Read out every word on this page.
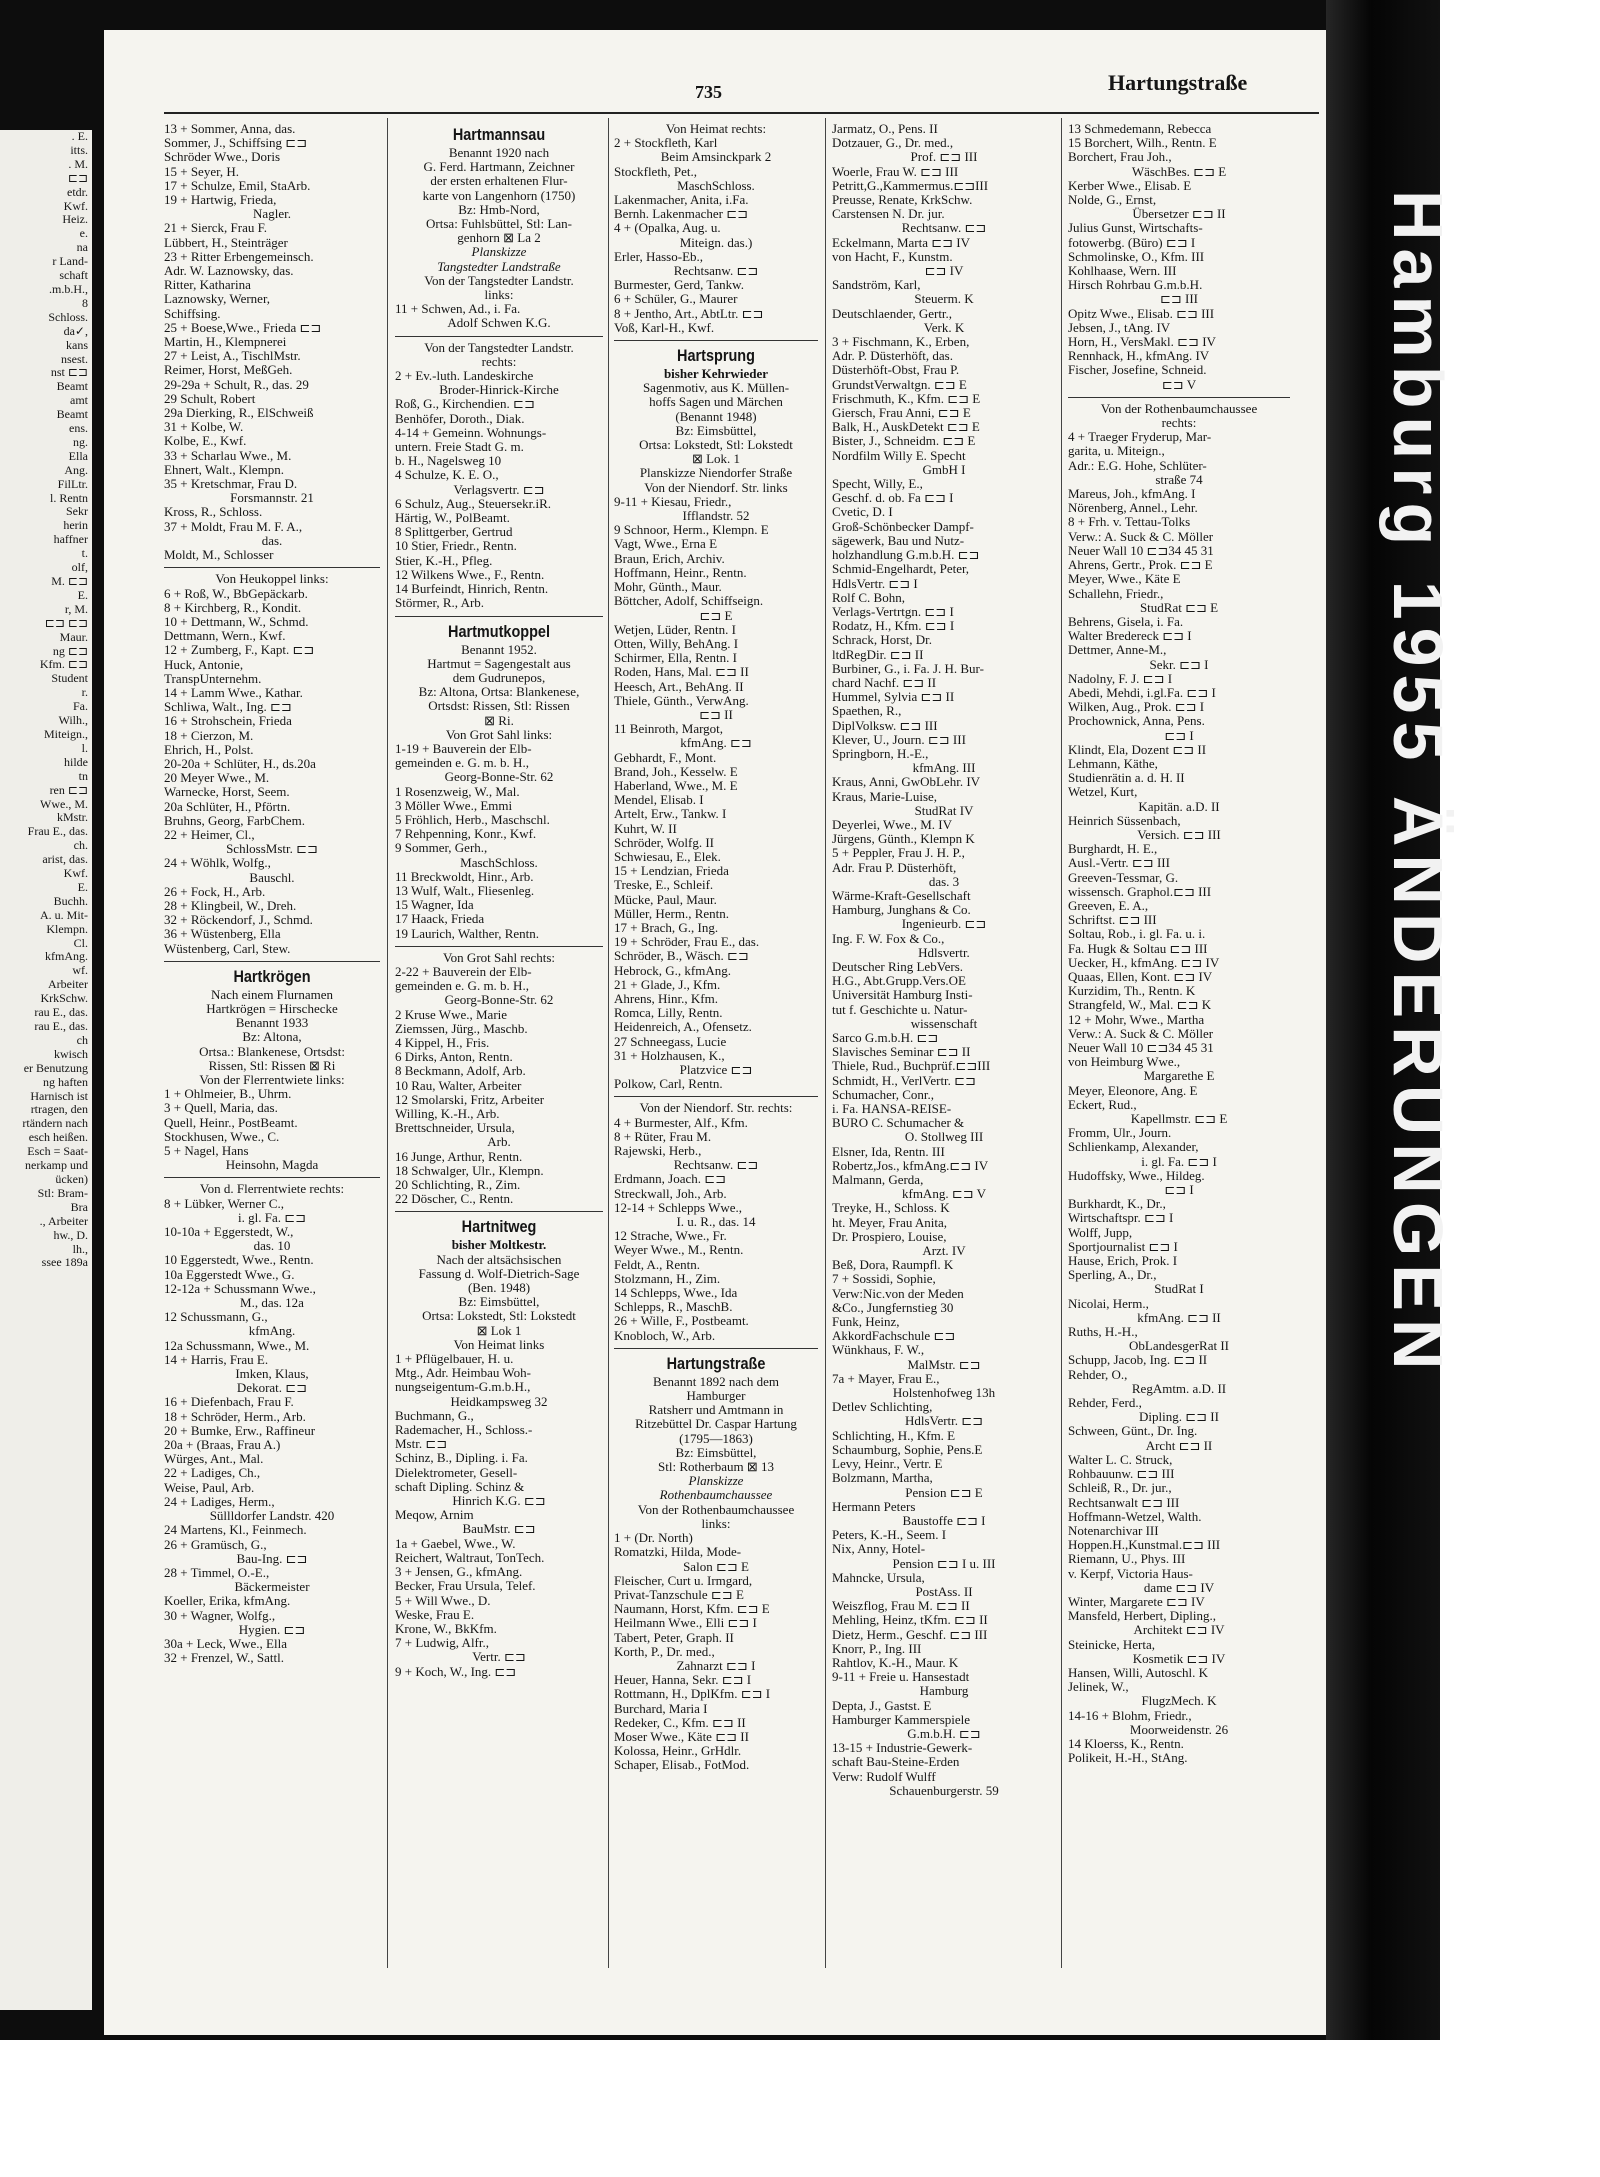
. E.
itts.
. M.
⊏⊐
etdr.
Kwf.
Heiz.
e.
na
r Land-
schaft
.m.b.H.,
8
Schloss.
da✓,
kans
nsest.
nst ⊏⊐
Beamt
amt
Beamt
ens.
ng.
Ella
Ang.
FilLtr.
l. Rentn
Sekr
herin
haffner
t.
olf,
M. ⊏⊐
E.
r, M.
⊏⊐ ⊏⊐
Maur.
ng ⊏⊐
Kfm. ⊏⊐
Student
r.
Fa.
Wilh.,
Miteign.,
l.
hilde
tn
ren ⊏⊐
Wwe., M.
kMstr.
Frau E., das.
ch.
arist, das.
Kwf.
E.
Buchh.
A. u. Mit-
Klempn.
Cl.
kfmAng.
wf.
Arbeiter
KrkSchw.
rau E., das.
rau E., das.
ch
kwisch
er Benutzung
ng haften
Harnisch ist
rtragen, den
rtändern nach
esch heißen.
Esch = Saat-
nerkamp und
ücken)
Stl: Bram-
Bra
., Arbeiter
hw., D.
lh.,
ssee 189a	Hamburg 1955 ÄNDERUNGEN
735	Hartungstraße
13 + Sommer, Anna, das.
Sommer, J., Schiffsing ⊏⊐
Schröder Wwe., Doris
15 + Seyer, H.
17 + Schulze, Emil, StaArb.
19 + Hartwig, Frieda,
Nagler.
21 + Sierck, Frau F.
Lübbert, H., Steinträger
23 + Ritter Erbengemeinsch.
Adr. W. Laznowsky, das.
Ritter, Katharina
Laznowsky, Werner,
Schiffsing.
25 + Boese,Wwe., Frieda ⊏⊐
Martin, H., Klempnerei
27 + Leist, A., TischlMstr.
Reimer, Horst, MeßGeh.
29-29a + Schult, R., das. 29
29 Schult, Robert
29a Dierking, R., ElSchweiß
31 + Kolbe, W.
Kolbe, E., Kwf.
33 + Scharlau Wwe., M.
Ehnert, Walt., Klempn.
35 + Kretschmar, Frau D.
Forsmannstr. 21
Kross, R., Schloss.
37 + Moldt, Frau M. F. A.,
das.
Moldt, M., Schlosser
Von Heukoppel links:
6 + Roß, W., BbGepäckarb.
8 + Kirchberg, R., Kondit.
10 + Dettmann, W., Schmd.
Dettmann, Wern., Kwf.
12 + Zumberg, F., Kapt. ⊏⊐
Huck, Antonie,
TranspUnternehm.
14 + Lamm Wwe., Kathar.
Schliwa, Walt., Ing. ⊏⊐
16 + Strohschein, Frieda
18 + Cierzon, M.
Ehrich, H., Polst.
20-20a + Schlüter, H., ds.20a
20 Meyer Wwe., M.
Warnecke, Horst, Seem.
20a Schlüter, H., Pförtn.
Bruhns, Georg, FarbChem.
22 + Heimer, Cl.,
SchlossMstr. ⊏⊐
24 + Wöhlk, Wolfg.,
Bauschl.
26 + Fock, H., Arb.
28 + Klingbeil, W., Dreh.
32 + Röckendorf, J., Schmd.
36 + Wüstenberg, Ella
Wüstenberg, Carl, Stew.
Hartkrögen
Nach einem Flurnamen
Hartkrögen = Hirschecke
Benannt 1933
Bz: Altona,
Ortsa.: Blankenese, Ortsdst:
Rissen, Stl: Rissen ⊠ Ri
Von der Flerrentwiete links:
1 + Ohlmeier, B., Uhrm.
3 + Quell, Maria, das.
Quell, Heinr., PostBeamt.
Stockhusen, Wwe., C.
5 + Nagel, Hans
Heinsohn, Magda
Von d. Flerrentwiete rechts:
8 + Lübker, Werner C.,
i. gl. Fa. ⊏⊐
10-10a + Eggerstedt, W.,
das. 10
10 Eggerstedt, Wwe., Rentn.
10a Eggerstedt Wwe., G.
12-12a + Schussmann Wwe.,
M., das. 12a
12 Schussmann, G.,
kfmAng.
12a Schussmann, Wwe., M.
14 + Harris, Frau E.
Imken, Klaus,
Dekorat. ⊏⊐
16 + Diefenbach, Frau F.
18 + Schröder, Herm., Arb.
20 + Bumke, Erw., Raffineur
20a + (Braas, Frau A.)
Würges, Ant., Mal.
22 + Ladiges, Ch.,
Weise, Paul, Arb.
24 + Ladiges, Herm.,
Süllldorfer Landstr. 420
24 Martens, Kl., Feinmech.
26 + Gramüsch, G.,
Bau-Ing. ⊏⊐
28 + Timmel, O.-E.,
Bäckermeister
Koeller, Erika, kfmAng.
30 + Wagner, Wolfg.,
Hygien. ⊏⊐
30a + Leck, Wwe., Ella
32 + Frenzel, W., Sattl.
Hartmannsau
Benannt 1920 nach
G. Ferd. Hartmann, Zeichner
der ersten erhaltenen Flur-
karte von Langenhorn (1750)
Bz: Hmb-Nord,
Ortsa: Fuhlsbüttel, Stl: Lan-
genhorn ⊠ La 2
Planskizze
Tangstedter Landstraße
Von der Tangstedter Landstr.
links:
11 + Schwen, Ad., i. Fa.
Adolf Schwen K.G.
Von der Tangstedter Landstr.
rechts:
2 + Ev.-luth. Landeskirche
Broder-Hinrick-Kirche
Roß, G., Kirchendien. ⊏⊐
Benhöfer, Doroth., Diak.
4-14 + Gemeinn. Wohnungs-
untern. Freie Stadt G. m.
b. H., Nagelsweg 10
4 Schulze, K. E. O.,
Verlagsvertr. ⊏⊐
6 Schulz, Aug., Steuersekr.iR.
Härtig, W., PolBeamt.
8 Splittgerber, Gertrud
10 Stier, Friedr., Rentn.
Stier, K.-H., Pfleg.
12 Wilkens Wwe., F., Rentn.
14 Burfeindt, Hinrich, Rentn.
Störmer, R., Arb.
Hartmutkoppel
Benannt 1952.
Hartmut = Sagengestalt aus
dem Gudrunepos,
Bz: Altona, Ortsa: Blankenese,
Ortsdst: Rissen, Stl: Rissen
⊠ Ri.
Von Grot Sahl links:
1-19 + Bauverein der Elb-
gemeinden e. G. m. b. H.,
Georg-Bonne-Str. 62
1 Rosenzweig, W., Mal.
3 Möller Wwe., Emmi
5 Fröhlich, Herb., Maschschl.
7 Rehpenning, Konr., Kwf.
9 Sommer, Gerh.,
MaschSchloss.
11 Breckwoldt, Hinr., Arb.
13 Wulf, Walt., Fliesenleg.
15 Wagner, Ida
17 Haack, Frieda
19 Laurich, Walther, Rentn.
Von Grot Sahl rechts:
2-22 + Bauverein der Elb-
gemeinden e. G. m. b. H.,
Georg-Bonne-Str. 62
2 Kruse Wwe., Marie
Ziemssen, Jürg., Maschb.
4 Kippel, H., Fris.
6 Dirks, Anton, Rentn.
8 Beckmann, Adolf, Arb.
10 Rau, Walter, Arbeiter
12 Smolarski, Fritz, Arbeiter
Willing, K.-H., Arb.
Brettschneider, Ursula,
Arb.
16 Junge, Arthur, Rentn.
18 Schwalger, Ulr., Klempn.
20 Schlichting, R., Zim.
22 Döscher, C., Rentn.
Hartnitweg
bisher Moltkestr.
Nach der altsächsischen
Fassung d. Wolf-Dietrich-Sage
(Ben. 1948)
Bz: Eimsbüttel,
Ortsa: Lokstedt, Stl: Lokstedt
⊠ Lok 1
Von Heimat links
1 + Pflügelbauer, H. u.
Mtg., Adr. Heimbau Woh-
nungseigentum-G.m.b.H.,
Heidkampsweg 32
Buchmann, G.,
Rademacher, H., Schloss.-
Mstr. ⊏⊐
Schinz, B., Dipling. i. Fa.
Dielektrometer, Gesell-
schaft Dipling. Schinz &
Hinrich K.G. ⊏⊐
Meqow, Arnim
BauMstr. ⊏⊐
1a + Gaebel, Wwe., W.
Reichert, Waltraut, TonTech.
3 + Jensen, G., kfmAng.
Becker, Frau Ursula, Telef.
5 + Will Wwe., D.
Weske, Frau E.
Krone, W., BkKfm.
7 + Ludwig, Alfr.,
Vertr. ⊏⊐
9 + Koch, W., Ing. ⊏⊐
Von Heimat rechts:
2 + Stockfleth, Karl
Beim Amsinckpark 2
Stockfleth, Pet.,
MaschSchloss.
Lakenmacher, Anita, i.Fa.
Bernh. Lakenmacher ⊏⊐
4 + (Opalka, Aug. u.
Miteign. das.)
Erler, Hasso-Eb.,
Rechtsanw. ⊏⊐
Burmester, Gerd, Tankw.
6 + Schüler, G., Maurer
8 + Jentho, Art., AbtLtr. ⊏⊐
Voß, Karl-H., Kwf.
Hartsprung
bisher Kehrwieder
Sagenmotiv, aus K. Müllen-
hoffs Sagen und Märchen
(Benannt 1948)
Bz: Eimsbüttel,
Ortsa: Lokstedt, Stl: Lokstedt
⊠ Lok. 1
Planskizze Niendorfer Straße
Von der Niendorf. Str. links
9-11 + Kiesau, Friedr.,
Ifflandstr. 52
9 Schnoor, Herm., Klempn. E
Vagt, Wwe., Erna E
Braun, Erich, Archiv.
Hoffmann, Heinr., Rentn.
Mohr, Günth., Maur.
Böttcher, Adolf, Schiffseign.
⊏⊐ E
Wetjen, Lüder, Rentn. I
Otten, Willy, BehAng. I
Schirmer, Ella, Rentn. I
Roden, Hans, Mal. ⊏⊐ II
Heesch, Art., BehAng. II
Thiele, Günth., VerwAng.
⊏⊐ II
11 Beinroth, Margot,
kfmAng. ⊏⊐
Gebhardt, F., Mont.
Brand, Joh., Kesselw. E
Haberland, Wwe., M. E
Mendel, Elisab. I
Artelt, Erw., Tankw. I
Kuhrt, W. II
Schröder, Wolfg. II
Schwiesau, E., Elek.
15 + Lendzian, Frieda
Treske, E., Schleif.
Mücke, Paul, Maur.
Müller, Herm., Rentn.
17 + Brach, G., Ing.
19 + Schröder, Frau E., das.
Schröder, B., Wäsch. ⊏⊐
Hebrock, G., kfmAng.
21 + Glade, J., Kfm.
Ahrens, Hinr., Kfm.
Romca, Lilly, Rentn.
Heidenreich, A., Ofensetz.
27 Schneegass, Lucie
31 + Holzhausen, K.,
Platzvice ⊏⊐
Polkow, Carl, Rentn.
Von der Niendorf. Str. rechts:
4 + Burmester, Alf., Kfm.
8 + Rüter, Frau M.
Rajewski, Herb.,
Rechtsanw. ⊏⊐
Erdmann, Joach. ⊏⊐
Streckwall, Joh., Arb.
12-14 + Schlepps Wwe.,
I. u. R., das. 14
12 Strache, Wwe., Fr.
Weyer Wwe., M., Rentn.
Feldt, A., Rentn.
Stolzmann, H., Zim.
14 Schlepps, Wwe., Ida
Schlepps, R., MaschB.
26 + Wille, F., Postbeamt.
Knobloch, W., Arb.
Hartungstraße
Benannt 1892 nach dem
Hamburger
Ratsherr und Amtmann in
Ritzebüttel Dr. Caspar Hartung
(1795—1863)
Bz: Eimsbüttel,
Stl: Rotherbaum ⊠ 13
Planskizze
Rothenbaumchaussee
Von der Rothenbaumchaussee
links:
1 + (Dr. North)
Romatzki, Hilda, Mode-
Salon ⊏⊐ E
Fleischer, Curt u. Irmgard,
Privat-Tanzschule ⊏⊐ E
Naumann, Horst, Kfm. ⊏⊐ E
Heilmann Wwe., Elli ⊏⊐ I
Tabert, Peter, Graph. II
Korth, P., Dr. med.,
Zahnarzt ⊏⊐ I
Heuer, Hanna, Sekr. ⊏⊐ I
Rottmann, H., DplKfm. ⊏⊐ I
Burchard, Maria I
Redeker, C., Kfm. ⊏⊐ II
Moser Wwe., Käte ⊏⊐ II
Kolossa, Heinr., GrHdlr.
Schaper, Elisab., FotMod.
Jarmatz, O., Pens. II
Dotzauer, G., Dr. med.,
Prof. ⊏⊐ III
Woerle, Frau W. ⊏⊐ III
Petritt,G.,Kammermus.⊏⊐III
Preusse, Renate, KrkSchw.
Carstensen N. Dr. jur.
Rechtsanw. ⊏⊐
Eckelmann, Marta ⊏⊐ IV
von Hacht, F., Kunstm.
⊏⊐ IV
Sandström, Karl,
Steuerm. K
Deutschlaender, Gertr.,
Verk. K
3 + Fischmann, K., Erben,
Adr. P. Düsterhöft, das.
Düsterhöft-Obst, Frau P.
GrundstVerwaltgn. ⊏⊐ E
Frischmuth, K., Kfm. ⊏⊐ E
Giersch, Frau Anni, ⊏⊐ E
Balk, H., AuskDetekt ⊏⊐ E
Bister, J., Schneidm. ⊏⊐ E
Nordfilm Willy E. Specht
GmbH I
Specht, Willy, E.,
Geschf. d. ob. Fa ⊏⊐ I
Cvetic, D. I
Groß-Schönbecker Dampf-
sägewerk, Bau und Nutz-
holzhandlung G.m.b.H. ⊏⊐
Schmid-Engelhardt, Peter,
HdlsVertr. ⊏⊐ I
Rolf C. Bohn,
Verlags-Vertrtgn. ⊏⊐ I
Rodatz, H., Kfm. ⊏⊐ I
Schrack, Horst, Dr.
ltdRegDir. ⊏⊐ II
Burbiner, G., i. Fa. J. H. Bur-
chard Nachf. ⊏⊐ II
Hummel, Sylvia ⊏⊐ II
Spaethen, R.,
DiplVolksw. ⊏⊐ III
Klever, U., Journ. ⊏⊐ III
Springborn, H.-E.,
kfmAng. III
Kraus, Anni, GwObLehr. IV
Kraus, Marie-Luise,
StudRat IV
Deyerlei, Wwe., M. IV
Jürgens, Günth., Klempn K
5 + Peppler, Frau J. H. P.,
Adr. Frau P. Düsterhöft,
das. 3
Wärme-Kraft-Gesellschaft
Hamburg, Junghans & Co.
Ingenieurb. ⊏⊐
Ing. F. W. Fox & Co.,
Hdlsvertr.
Deutscher Ring LebVers.
H.G., Abt.Grupp.Vers.OE
Universität Hamburg Insti-
tut f. Geschichte u. Natur-
wissenschaft
Sarco G.m.b.H. ⊏⊐
Slavisches Seminar ⊏⊐ II
Thiele, Rud., Buchprüf.⊏⊐III
Schmidt, H., VerlVertr. ⊏⊐
Schumacher, Conr.,
i. Fa. HANSA-REISE-
BURO C. Schumacher &
O. Stollweg III
Elsner, Ida, Rentn. III
Robertz,Jos., kfmAng.⊏⊐ IV
Malmann, Gerda,
kfmAng. ⊏⊐ V
Treyke, H., Schloss. K
ht. Meyer, Frau Anita,
Dr. Prospiero, Louise,
Arzt. IV
Beß, Dora, Raumpfl. K
7 + Sossidi, Sophie,
Verw:Nic.von der Meden
&Co., Jungfernstieg 30
Funk, Heinz,
AkkordFachschule ⊏⊐
Wünkhaus, F. W.,
MalMstr. ⊏⊐
7a + Mayer, Frau E.,
Holstenhofweg 13h
Detlev Schlichting,
HdlsVertr. ⊏⊐
Schlichting, H., Kfm. E
Schaumburg, Sophie, Pens.E
Levy, Heinr., Vertr. E
Bolzmann, Martha,
Pension ⊏⊐ E
Hermann Peters
Baustoffe ⊏⊐ I
Peters, K.-H., Seem. I
Nix, Anny, Hotel-
Pension ⊏⊐ I u. III
Mahncke, Ursula,
PostAss. II
Weiszflog, Frau M. ⊏⊐ II
Mehling, Heinz, tKfm. ⊏⊐ II
Dietz, Herm., Geschf. ⊏⊐ III
Knorr, P., Ing. III
Rahtlov, K.-H., Maur. K
9-11 + Freie u. Hansestadt
Hamburg
Depta, J., Gastst. E
Hamburger Kammerspiele
G.m.b.H. ⊏⊐
13-15 + Industrie-Gewerk-
schaft Bau-Steine-Erden
Verw: Rudolf Wulff
Schauenburgerstr. 59
13 Schmedemann, Rebecca
15 Borchert, Wilh., Rentn. E
Borchert, Frau Joh.,
WäschBes. ⊏⊐ E
Kerber Wwe., Elisab. E
Nolde, G., Ernst,
Übersetzer ⊏⊐ II
Julius Gunst, Wirtschafts-
fotowerbg. (Büro) ⊏⊐ I
Schmolinske, O., Kfm. III
Kohlhaase, Wern. III
Hirsch Rohrbau G.m.b.H.
⊏⊐ III
Opitz Wwe., Elisab. ⊏⊐ III
Jebsen, J., tAng. IV
Horn, H., VersMakl. ⊏⊐ IV
Rennhack, H., kfmAng. IV
Fischer, Josefine, Schneid.
⊏⊐ V
Von der Rothenbaumchaussee
rechts:
4 + Traeger Fryderup, Mar-
garita, u. Miteign.,
Adr.: E.G. Hohe, Schlüter-
straße 74
Mareus, Joh., kfmAng. I
Nörenberg, Annel., Lehr.
8 + Frh. v. Tettau-Tolks
Verw.: A. Suck & C. Möller
Neuer Wall 10 ⊏⊐34 45 31
Ahrens, Gertr., Prok. ⊏⊐ E
Meyer, Wwe., Käte E
Schallehn, Friedr.,
StudRat ⊏⊐ E
Behrens, Gisela, i. Fa.
Walter Bredereck ⊏⊐ I
Dettmer, Anne-M.,
Sekr. ⊏⊐ I
Nadolny, F. J. ⊏⊐ I
Abedi, Mehdi, i.gl.Fa. ⊏⊐ I
Wilken, Aug., Prok. ⊏⊐ I
Prochownick, Anna, Pens.
⊏⊐ I
Klindt, Ela, Dozent ⊏⊐ II
Lehmann, Käthe,
Studienrätin a. d. H. II
Wetzel, Kurt,
Kapitän. a.D. II
Heinrich Süssenbach,
Versich. ⊏⊐ III
Burghardt, H. E.,
Ausl.-Vertr. ⊏⊐ III
Greeven-Tessmar, G.
wissensch. Graphol.⊏⊐ III
Greeven, E. A.,
Schriftst. ⊏⊐ III
Soltau, Rob., i. gl. Fa. u. i.
Fa. Hugk & Soltau ⊏⊐ III
Uecker, H., kfmAng. ⊏⊐ IV
Quaas, Ellen, Kont. ⊏⊐ IV
Kurzidim, Th., Rentn. K
Strangfeld, W., Mal. ⊏⊐ K
12 + Mohr, Wwe., Martha
Verw.: A. Suck & C. Möller
Neuer Wall 10 ⊏⊐34 45 31
von Heimburg Wwe.,
Margarethe E
Meyer, Eleonore, Ang. E
Eckert, Rud.,
Kapellmstr. ⊏⊐ E
Fromm, Ulr., Journ.
Schlienkamp, Alexander,
i. gl. Fa. ⊏⊐ I
Hudoffsky, Wwe., Hildeg.
⊏⊐ I
Burkhardt, K., Dr.,
Wirtschaftspr. ⊏⊐ I
Wolff, Jupp,
Sportjournalist ⊏⊐ I
Hause, Erich, Prok. I
Sperling, A., Dr.,
StudRat I
Nicolai, Herm.,
kfmAng. ⊏⊐ II
Ruths, H.-H.,
ObLandesgerRat II
Schupp, Jacob, Ing. ⊏⊐ II
Rehder, O.,
RegAmtm. a.D. II
Rehder, Ferd.,
Dipling. ⊏⊐ II
Schween, Günt., Dr. Ing.
Archt ⊏⊐ II
Walter L. C. Struck,
Rohbauunw. ⊏⊐ III
Schleiß, R., Dr. jur.,
Rechtsanwalt ⊏⊐ III
Hoffmann-Wetzel, Walth.
Notenarchivar III
Hoppen.H.,Kunstmal.⊏⊐ III
Riemann, U., Phys. III
v. Kerpf, Victoria Haus-
dame ⊏⊐ IV
Winter, Margarete ⊏⊐ IV
Mansfeld, Herbert, Dipling.,
Architekt ⊏⊐ IV
Steinicke, Herta,
Kosmetik ⊏⊐ IV
Hansen, Willi, Autoschl. K
Jelinek, W.,
FlugzMech. K
14-16 + Blohm, Friedr.,
Moorweidenstr. 26
14 Kloerss, K., Rentn.
Polikeit, H.-H., StAng.
